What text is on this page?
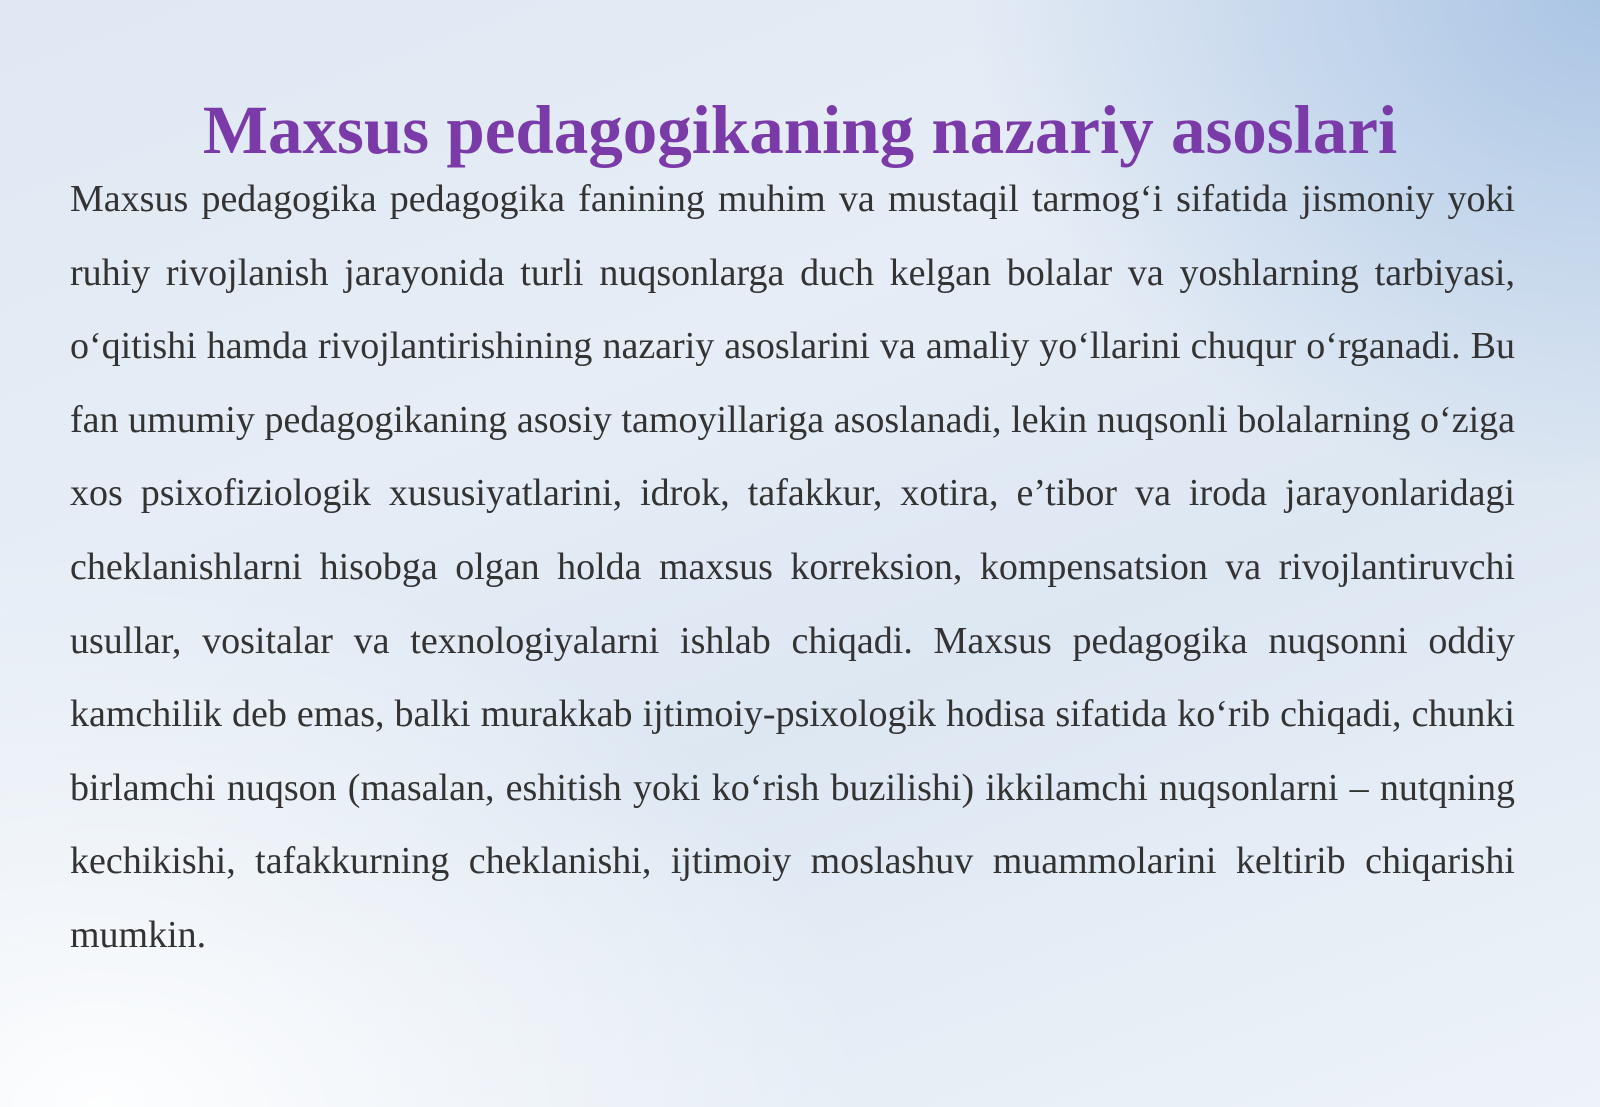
Maxsus pedagogikaning nazariy asoslari

Maxsus pedagogika pedagogika fanining muhim va mustaqil tarmog‘i sifatida jismoniy yoki ruhiy rivojlanish jarayonida turli nuqsonlarga duch kelgan bolalar va yoshlarning tarbiyasi, o‘qitishi hamda rivojlantirishining nazariy asoslarini va amaliy yo‘llarini chuqur o‘rganadi. Bu fan umumiy pedagogikaning asosiy tamoyillariga asoslanadi, lekin nuqsonli bolalarning o‘ziga xos psixofiziologik xususiyatlarini, idrok, tafakkur, xotira, e’tibor va iroda jarayonlaridagi cheklanishlarni hisobga olgan holda maxsus korreksion, kompensatsion va rivojlantiruvchi usullar, vositalar va texnologiyalarni ishlab chiqadi. Maxsus pedagogika nuqsonni oddiy kamchilik deb emas, balki murakkab ijtimoiy-psixologik hodisa sifatida ko‘rib chiqadi, chunki birlamchi nuqson (masalan, eshitish yoki ko‘rish buzilishi) ikkilamchi nuqsonlarni – nutqning kechikishi, tafakkurning cheklanishi, ijtimoiy moslashuv muammolarini keltirib chiqarishi mumkin.
